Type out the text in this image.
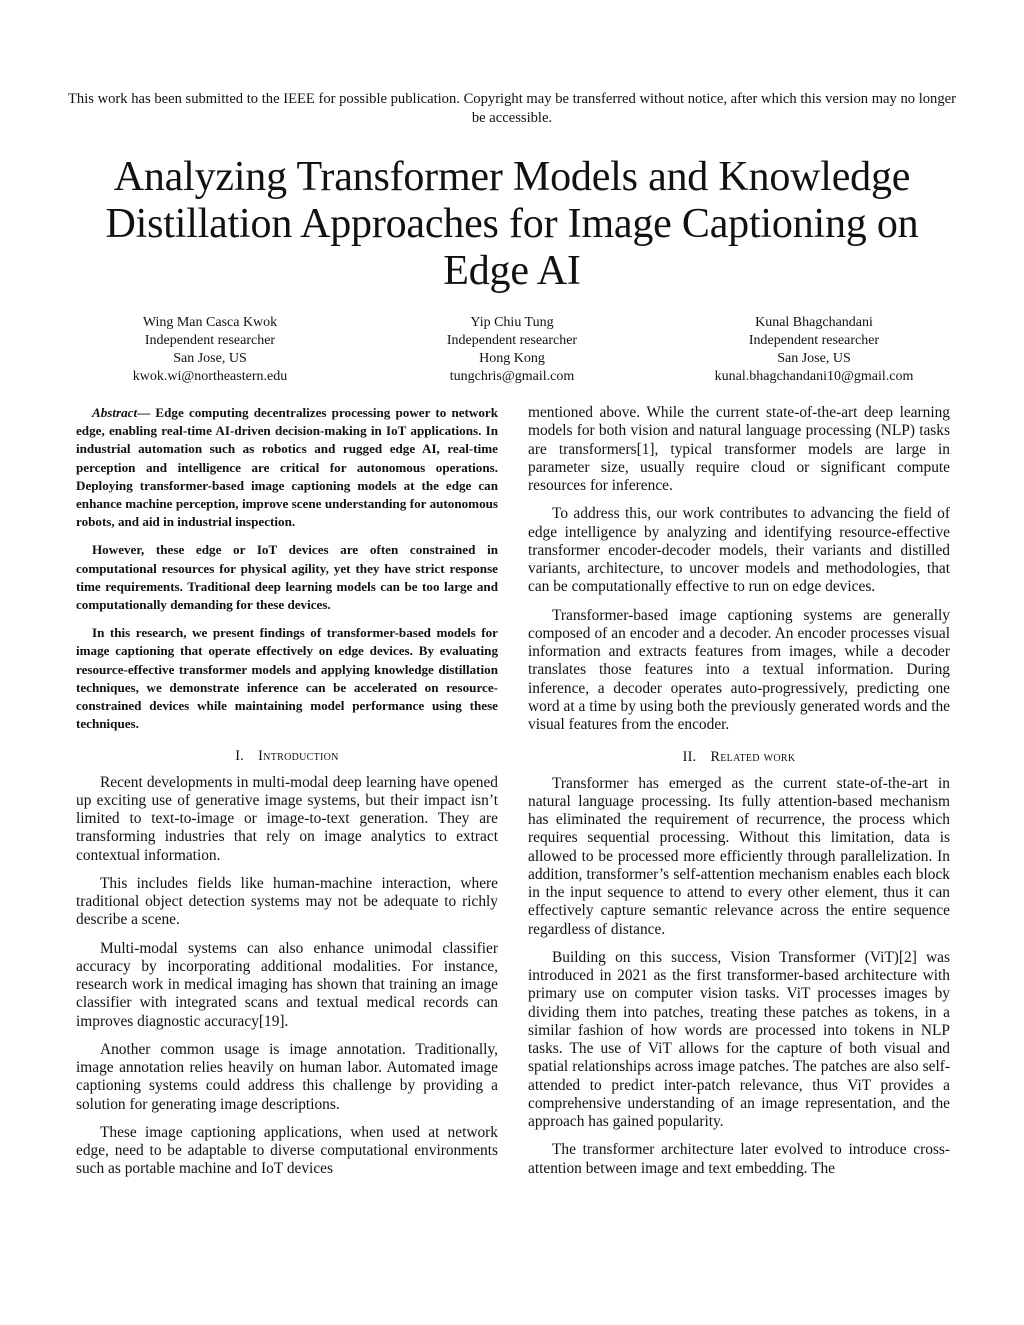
This work has been submitted to the IEEE for possible publication. Copyright may be transferred without notice, after which this version may no longer be accessible.
Analyzing Transformer Models and Knowledge Distillation Approaches for Image Captioning on Edge AI
Wing Man Casca Kwok
Independent researcher
San Jose, US
kwok.wi@northeastern.edu
Yip Chiu Tung
Independent researcher
Hong Kong
tungchris@gmail.com
Kunal Bhagchandani
Independent researcher
San Jose, US
kunal.bhagchandani10@gmail.com

Abstract— Edge computing decentralizes processing power to network edge, enabling real-time AI-driven decision-making in IoT applications. In industrial automation such as robotics and rugged edge AI, real-time perception and intelligence are critical for autonomous operations. Deploying transformer-based image captioning models at the edge can enhance machine perception, improve scene understanding for autonomous robots, and aid in industrial inspection.

However, these edge or IoT devices are often constrained in computational resources for physical agility, yet they have strict response time requirements. Traditional deep learning models can be too large and computationally demanding for these devices.

In this research, we present findings of transformer-based models for image captioning that operate effectively on edge devices. By evaluating resource-effective transformer models and applying knowledge distillation techniques, we demonstrate inference can be accelerated on resource-constrained devices while maintaining model performance using these techniques.

I. Introduction

Recent developments in multi-modal deep learning have opened up exciting use of generative image systems, but their impact isn’t limited to text-to-image or image-to-text generation. They are transforming industries that rely on image analytics to extract contextual information.

This includes fields like human-machine interaction, where traditional object detection systems may not be adequate to richly describe a scene.

Multi-modal systems can also enhance unimodal classifier accuracy by incorporating additional modalities. For instance, research work in medical imaging has shown that training an image classifier with integrated scans and textual medical records can improves diagnostic accuracy[19].

Another common usage is image annotation. Traditionally, image annotation relies heavily on human labor. Automated image captioning systems could address this challenge by providing a solution for generating image descriptions.

These image captioning applications, when used at network edge, need to be adaptable to diverse computational environments such as portable machine and IoT devices

mentioned above. While the current state-of-the-art deep learning models for both vision and natural language processing (NLP) tasks are transformers[1], typical transformer models are large in parameter size, usually require cloud or significant compute resources for inference.

To address this, our work contributes to advancing the field of edge intelligence by analyzing and identifying resource-effective transformer encoder-decoder models, their variants and distilled variants, architecture, to uncover models and methodologies, that can be computationally effective to run on edge devices.

Transformer-based image captioning systems are generally composed of an encoder and a decoder. An encoder processes visual information and extracts features from images, while a decoder translates those features into a textual information. During inference, a decoder operates auto-progressively, predicting one word at a time by using both the previously generated words and the visual features from the encoder.

II. Related work

Transformer has emerged as the current state-of-the-art in natural language processing. Its fully attention-based mechanism has eliminated the requirement of recurrence, the process which requires sequential processing. Without this limitation, data is allowed to be processed more efficiently through parallelization. In addition, transformer’s self-attention mechanism enables each block in the input sequence to attend to every other element, thus it can effectively capture semantic relevance across the entire sequence regardless of distance.

Building on this success, Vision Transformer (ViT)[2] was introduced in 2021 as the first transformer-based architecture with primary use on computer vision tasks. ViT processes images by dividing them into patches, treating these patches as tokens, in a similar fashion of how words are processed into tokens in NLP tasks. The use of ViT allows for the capture of both visual and spatial relationships across image patches. The patches are also self-attended to predict inter-patch relevance, thus ViT provides a comprehensive understanding of an image representation, and the approach has gained popularity.

The transformer architecture later evolved to introduce cross-attention between image and text embedding. The
